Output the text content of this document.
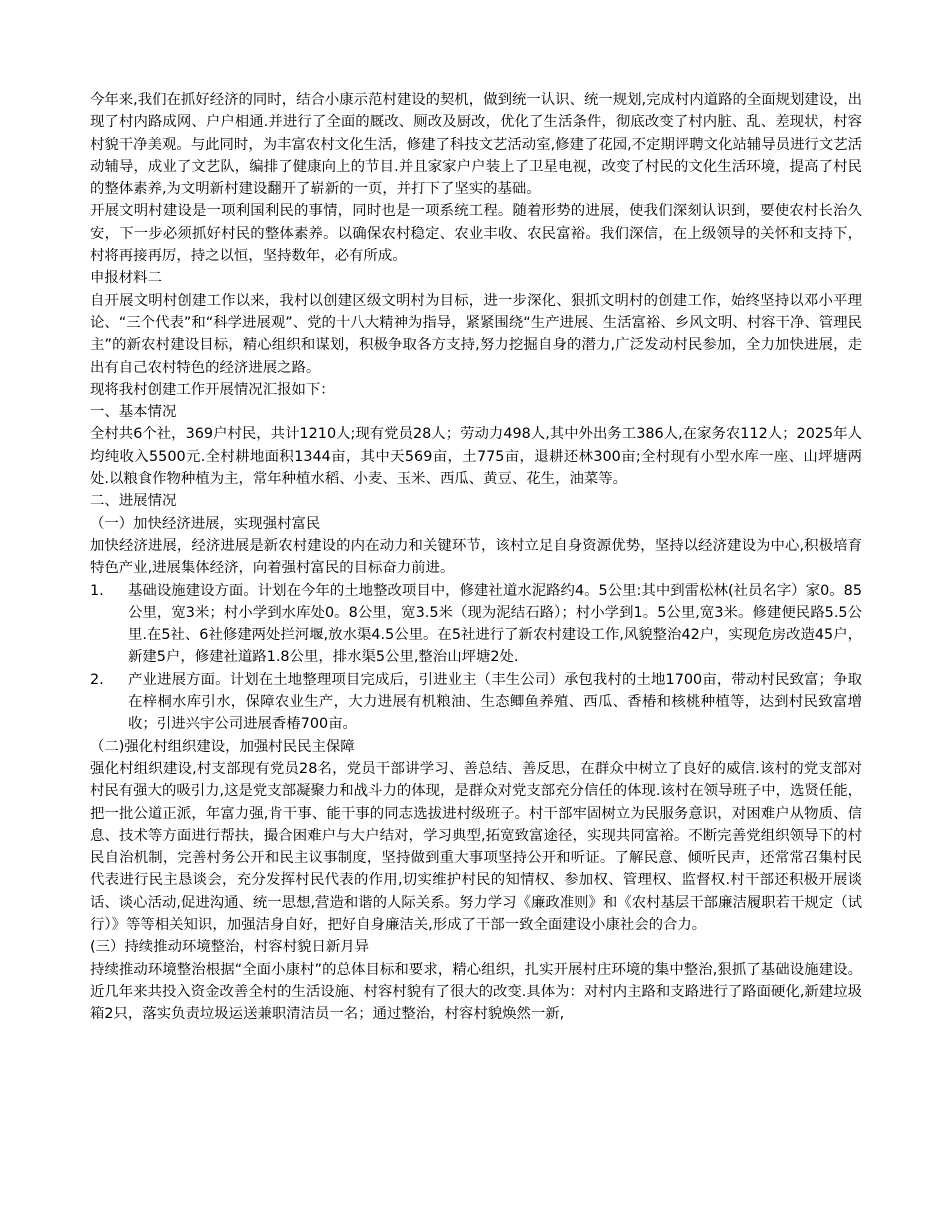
今年来,我们在抓好经济的同时，结合小康示范村建设的契机，做到统一认识、统一规划,完成村内道路的全面规划建设，出现了村内路成网、户户相通.并进行了全面的厩改、厕改及厨改，优化了生活条件，彻底改变了村内脏、乱、差现状，村容村貌干净美观。与此同时，为丰富农村文化生活，修建了科技文艺活动室,修建了花园,不定期评聘文化站辅导员进行文艺活动辅导，成业了文艺队，编排了健康向上的节目.并且家家户户装上了卫星电视，改变了村民的文化生活环境，提高了村民的整体素养,为文明新村建设翻开了崭新的一页，并打下了坚实的基础。

开展文明村建设是一项利国利民的事情，同时也是一项系统工程。随着形势的进展，使我们深刻认识到，要使农村长治久安，下一步必须抓好村民的整体素养。以确保农村稳定、农业丰收、农民富裕。我们深信，在上级领导的关怀和支持下，村将再接再厉，持之以恒，坚持数年，必有所成。

申报材料二

自开展文明村创建工作以来，我村以创建区级文明村为目标，进一步深化、狠抓文明村的创建工作，始终坚持以邓小平理论、“三个代表”和“科学进展观”、党的十八大精神为指导，紧紧围绕“生产进展、生活富裕、乡风文明、村容干净、管理民主”的新农村建设目标，精心组织和谋划，积极争取各方支持,努力挖掘自身的潜力,广泛发动村民参加，全力加快进展，走出有自己农村特色的经济进展之路。

现将我村创建工作开展情况汇报如下：

一、基本情况

全村共6个社，369户村民，共计1210人;现有党员28人；劳动力498人,其中外出务工386人,在家务农112人；2025年人均纯收入5500元.全村耕地面积1344亩，其中天569亩，土775亩，退耕还林300亩;全村现有小型水库一座、山坪塘两处.以粮食作物种植为主，常年种植水稻、小麦、玉米、西瓜、黄豆、花生，油菜等。

二、进展情况

（一）加快经济进展，实现强村富民

加快经济进展，经济进展是新农村建设的内在动力和关键环节，该村立足自身资源优势，坚持以经济建设为中心,积极培育特色产业,进展集体经济，向着强村富民的目标奋力前进。

1.	基础设施建设方面。计划在今年的土地整改项目中，修建社道水泥路约4。5公里:其中到雷松林(社员名字）家0。85公里，宽3米；村小学到水库处0。8公里，宽3.5米（现为泥结石路）；村小学到1。5公里,宽3米。修建便民路5.5公里.在5社、6社修建两处拦河堰,放水渠4.5公里。在5社进行了新农村建设工作,风貌整治42户，实现危房改造45户，新建5户，修建社道路1.8公里，排水渠5公里,整治山坪塘2处.
2.	产业进展方面。计划在土地整理项目完成后，引进业主（丰生公司）承包我村的土地1700亩，带动村民致富；争取在梓桐水库引水，保障农业生产，大力进展有机粮油、生态鲫鱼养殖、西瓜、香椿和核桃种植等，达到村民致富增收；引进兴宇公司进展香椿700亩。

（二)强化村组织建设，加强村民民主保障

强化村组织建设,村支部现有党员28名，党员干部讲学习、善总结、善反思，在群众中树立了良好的威信.该村的党支部对村民有强大的吸引力,这是党支部凝聚力和战斗力的体现，是群众对党支部充分信任的体现.该村在领导班子中，选贤任能，把一批公道正派，年富力强,肯干事、能干事的同志选拔进村级班子。村干部牢固树立为民服务意识，对困难户从物质、信息、技术等方面进行帮扶，撮合困难户与大户结对，学习典型,拓宽致富途径，实现共同富裕。不断完善党组织领导下的村民自治机制，完善村务公开和民主议事制度，坚持做到重大事项坚持公开和听证。了解民意、倾听民声，还常常召集村民代表进行民主恳谈会，充分发挥村民代表的作用,切实维护村民的知情权、参加权、管理权、监督权.村干部还积极开展谈话、谈心活动,促进沟通、统一思想,营造和谐的人际关系。努力学习《廉政准则》和《农村基层干部廉洁履职若干规定（试行）》等等相关知识，加强洁身自好，把好自身廉洁关,形成了干部一致全面建设小康社会的合力。

(三）持续推动环境整治，村容村貌日新月异

持续推动环境整治根据“全面小康村”的总体目标和要求，精心组织，扎实开展村庄环境的集中整治,狠抓了基础设施建设。近几年来共投入资金改善全村的生活设施、村容村貌有了很大的改变.具体为：对村内主路和支路进行了路面硬化,新建垃圾箱2只，落实负责垃圾运送兼职清洁员一名；通过整治，村容村貌焕然一新,
